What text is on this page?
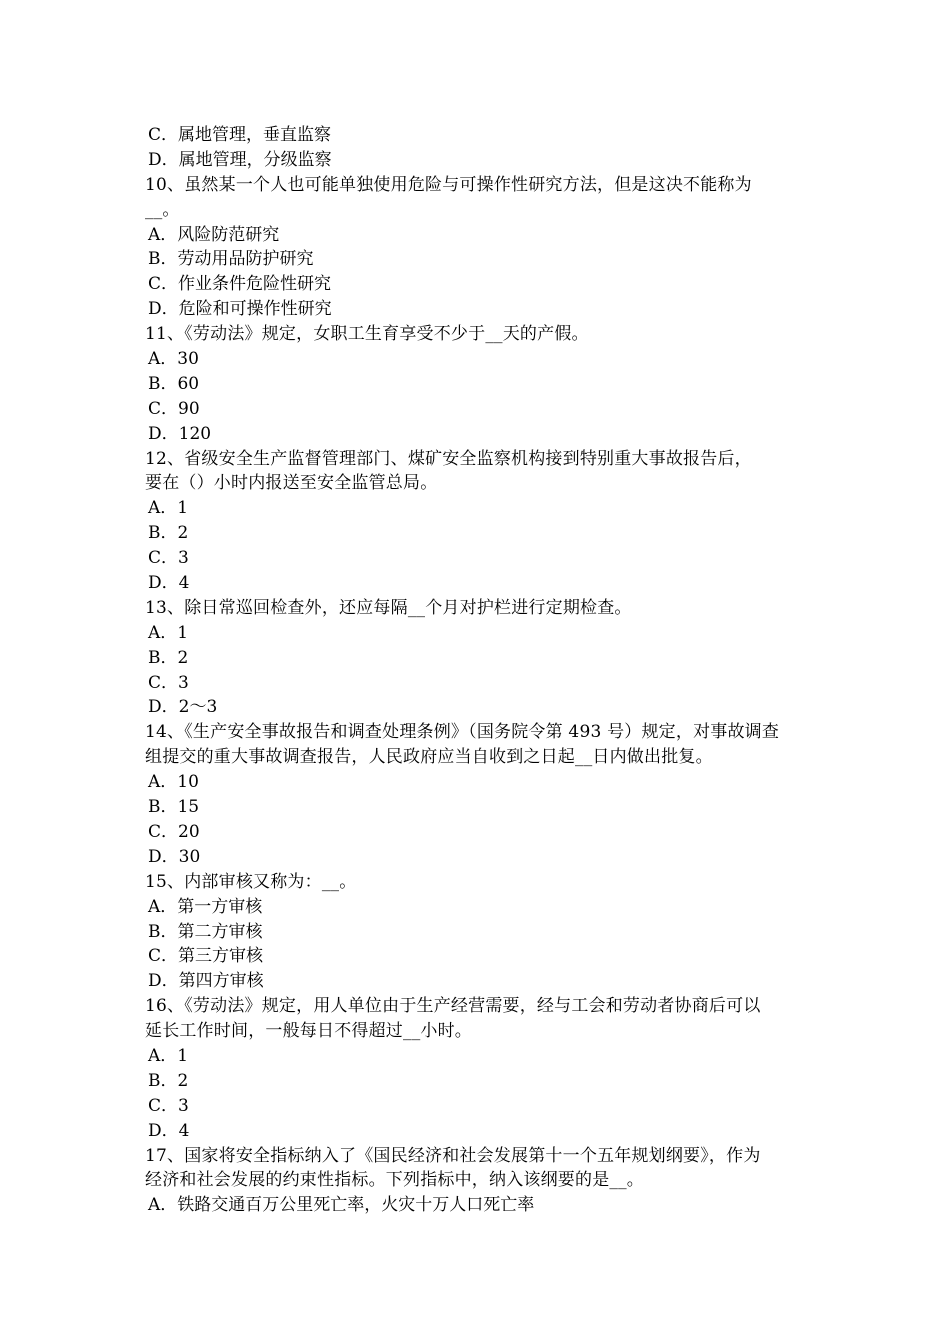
C．属地管理，垂直监察
D．属地管理，分级监察
10、虽然某一个人也可能单独使用危险与可操作性研究方法，但是这决不能称为
__。
A．风险防范研究
B．劳动用品防护研究
C．作业条件危险性研究
D．危险和可操作性研究
11、《劳动法》规定，女职工生育享受不少于__天的产假。
A．30
B．60
C．90
D．120
12、省级安全生产监督管理部门、煤矿安全监察机构接到特别重大事故报告后，
要在（）小时内报送至安全监管总局。
A．1
B．2
C．3
D．4
13、除日常巡回检查外，还应每隔__个月对护栏进行定期检查。
A．1
B．2
C．3
D．2～3
14、《生产安全事故报告和调查处理条例》（国务院令第 493 号）规定，对事故调查
组提交的重大事故调查报告，人民政府应当自收到之日起__日内做出批复。
A．10
B．15
C．20
D．30
15、内部审核又称为：__。
A．第一方审核
B．第二方审核
C．第三方审核
D．第四方审核
16、《劳动法》规定，用人单位由于生产经营需要，经与工会和劳动者协商后可以
延长工作时间，一般每日不得超过__小时。
A．1
B．2
C．3
D．4
17、国家将安全指标纳入了《国民经济和社会发展第十一个五年规划纲要》，作为
经济和社会发展的约束性指标。下列指标中，纳入该纲要的是__。
A．铁路交通百万公里死亡率，火灾十万人口死亡率
